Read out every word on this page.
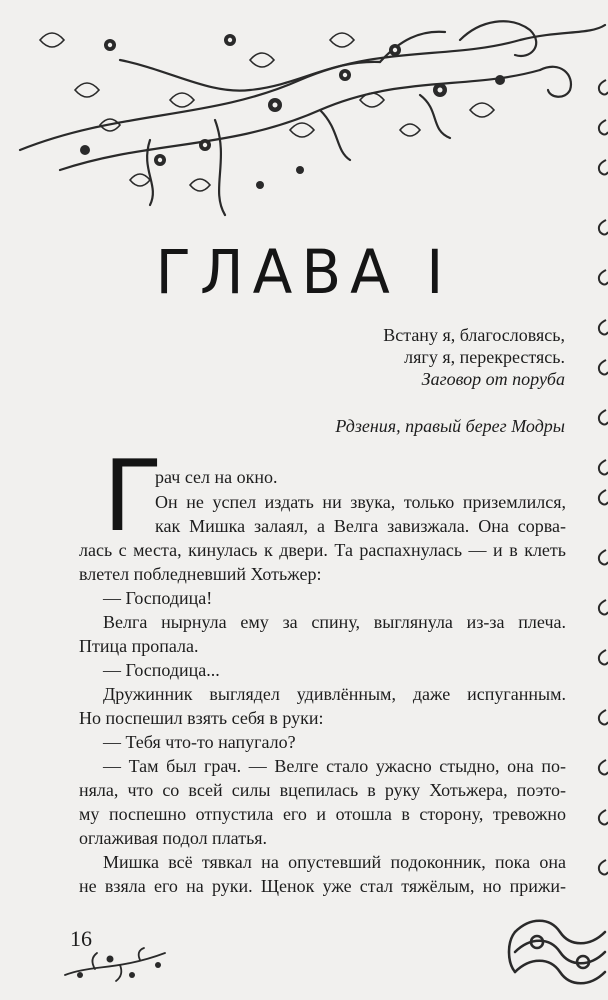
ГЛАВА I
Встану я, благословясь,
лягу я, перекрестясь.
Заговор от поруба
Рдзения, правый берег Модры
Г
рач сел на окно.
Он не успел издать ни звука, только приземлился,
как Мишка залаял, а Велга завизжала. Она сорва-
лась с места, кинулась к двери. Та распахнулась — и в клеть
влетел побледневший Хотьжер:
— Господица!
Велга нырнула ему за спину, выглянула из-за плеча.
Птица пропала.
— Господица...
Дружинник выглядел удивлённым, даже испуганным.
Но поспешил взять себя в руки:
— Тебя что-то напугало?
— Там был грач. — Велге стало ужасно стыдно, она по-
няла, что со всей силы вцепилась в руку Хотьжера, поэто-
му поспешно отпустила его и отошла в сторону, тревожно
оглаживая подол платья.
Мишка всё тявкал на опустевший подоконник, пока она
не взяла его на руки. Щенок уже стал тяжёлым, но прижи-
16
